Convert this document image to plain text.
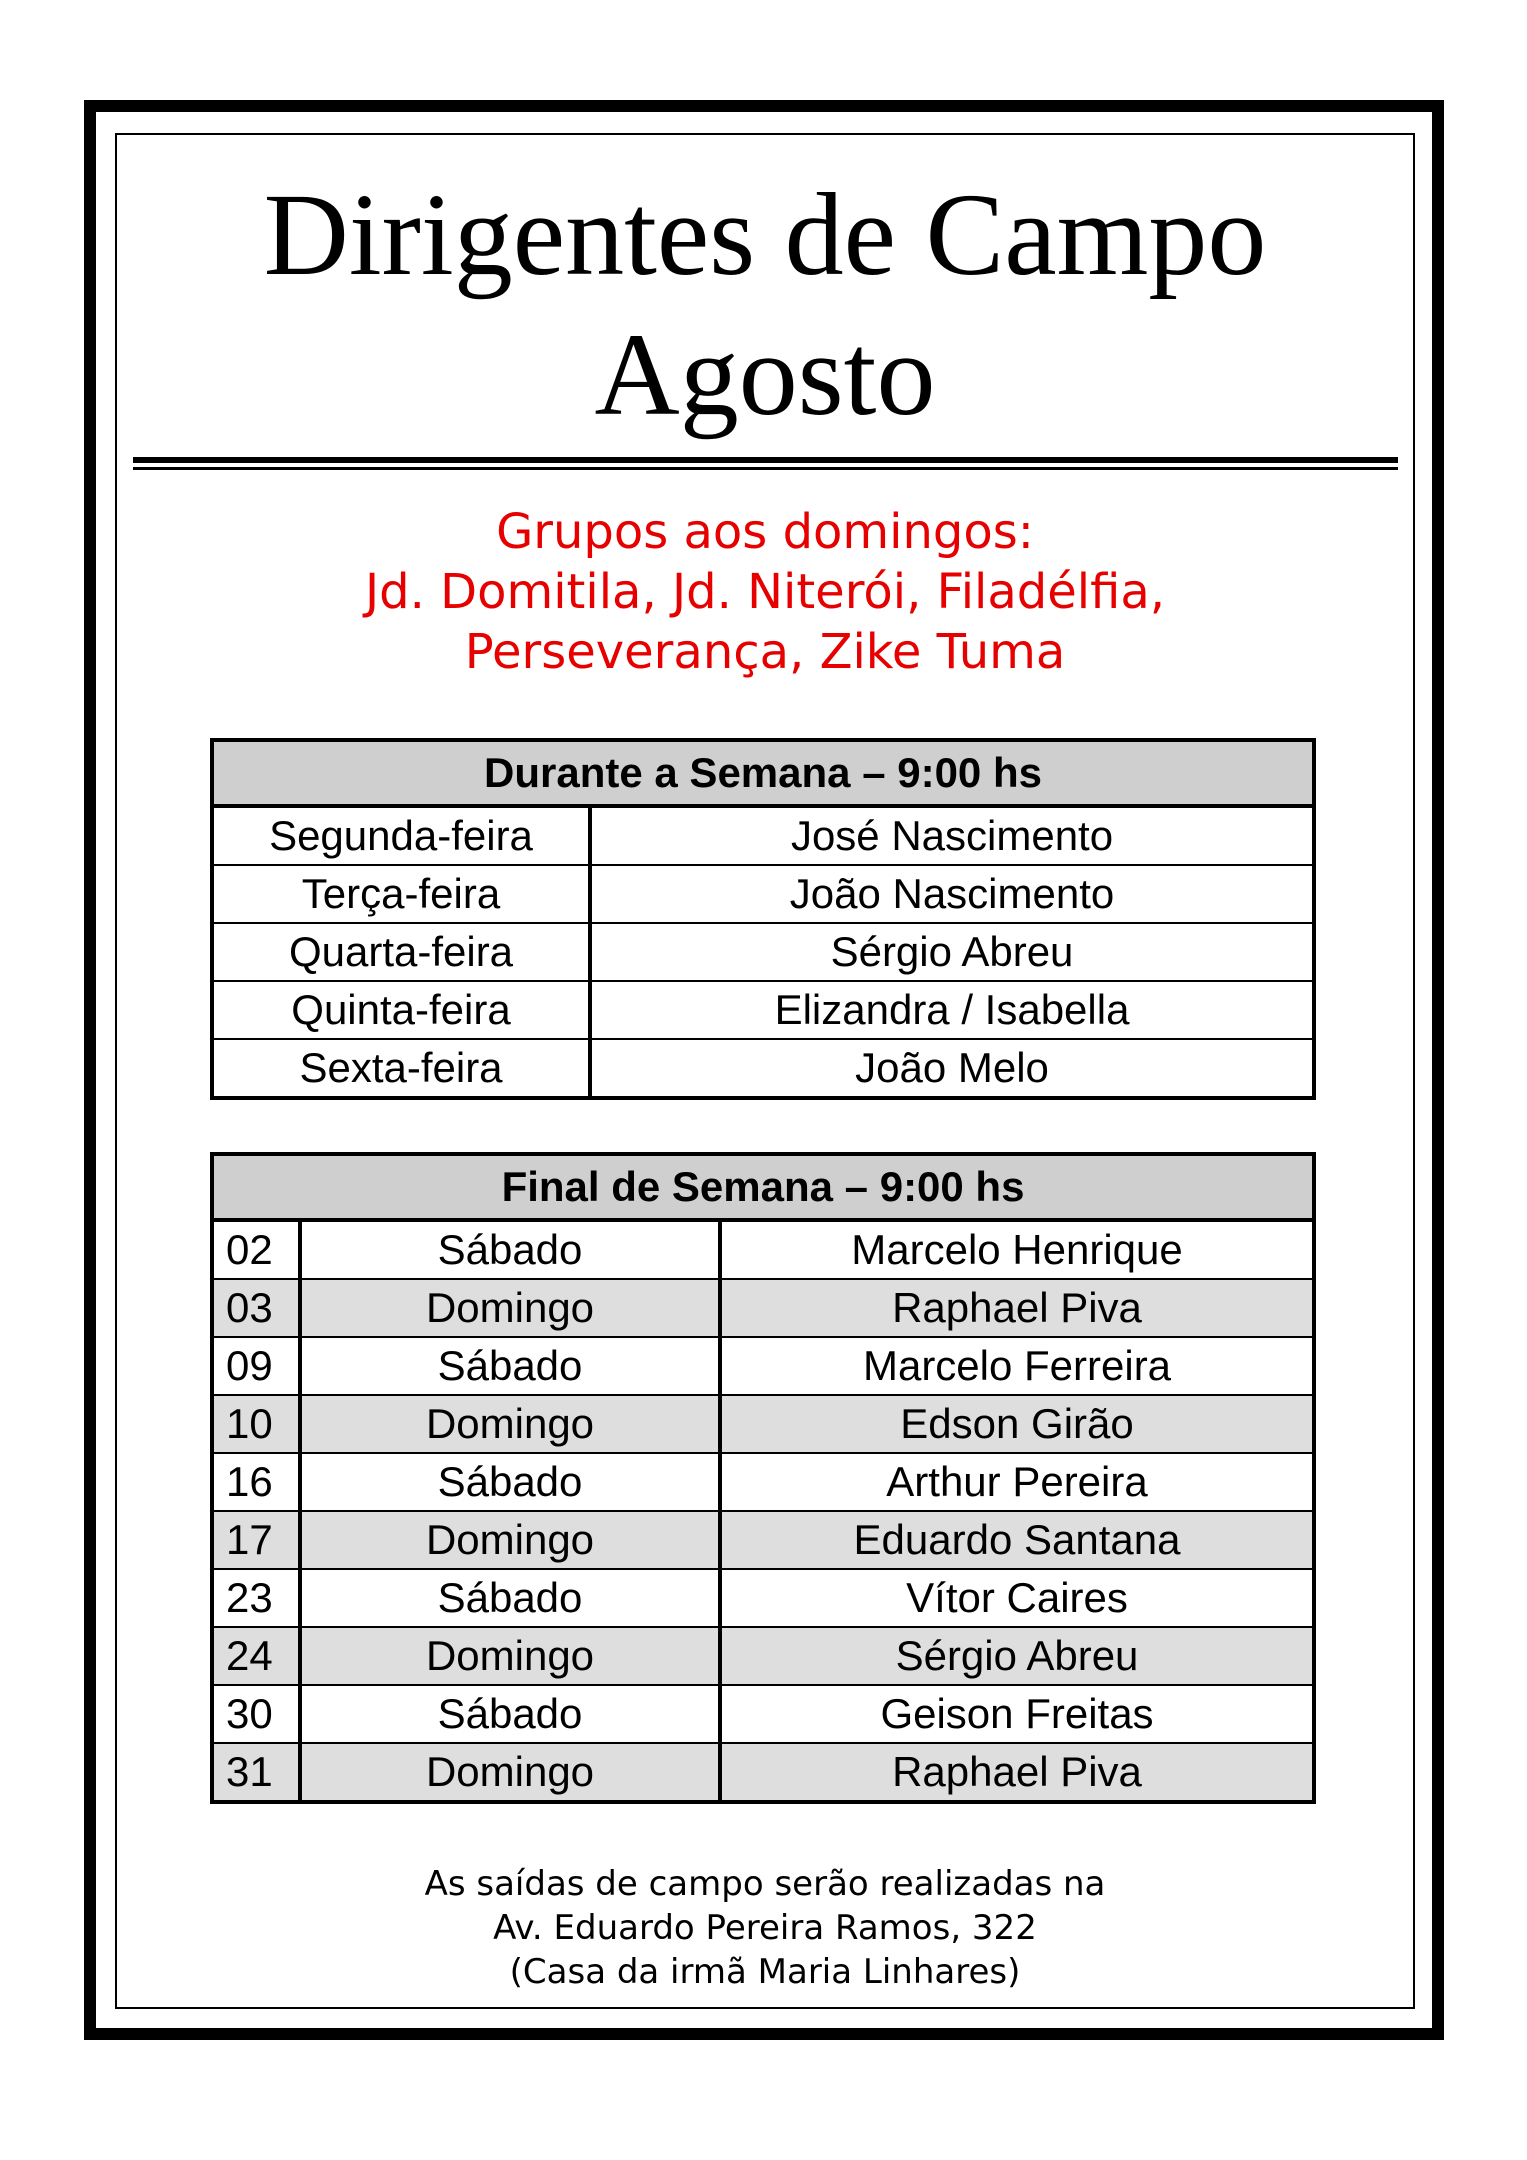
Dirigentes de Campo
Agosto
Grupos aos domingos:
Jd. Domitila, Jd. Niterói, Filadélfia,
Perseverança, Zike Tuma
Durante a Semana – 9:00 hs	
Segunda-feira	José Nascimento
Terça-feira	João Nascimento
Quarta-feira	Sérgio Abreu
Quinta-feira	Elizandra / Isabella
Sexta-feira	João Melo
Final de Semana – 9:00 hs		
02	Sábado	Marcelo Henrique
03	Domingo	Raphael Piva
09	Sábado	Marcelo Ferreira
10	Domingo	Edson Girão
16	Sábado	Arthur Pereira
17	Domingo	Eduardo Santana
23	Sábado	Vítor Caires
24	Domingo	Sérgio Abreu
30	Sábado	Geison Freitas
31	Domingo	Raphael Piva
As saídas de campo serão realizadas na
Av. Eduardo Pereira Ramos, 322
(Casa da irmã Maria Linhares)
